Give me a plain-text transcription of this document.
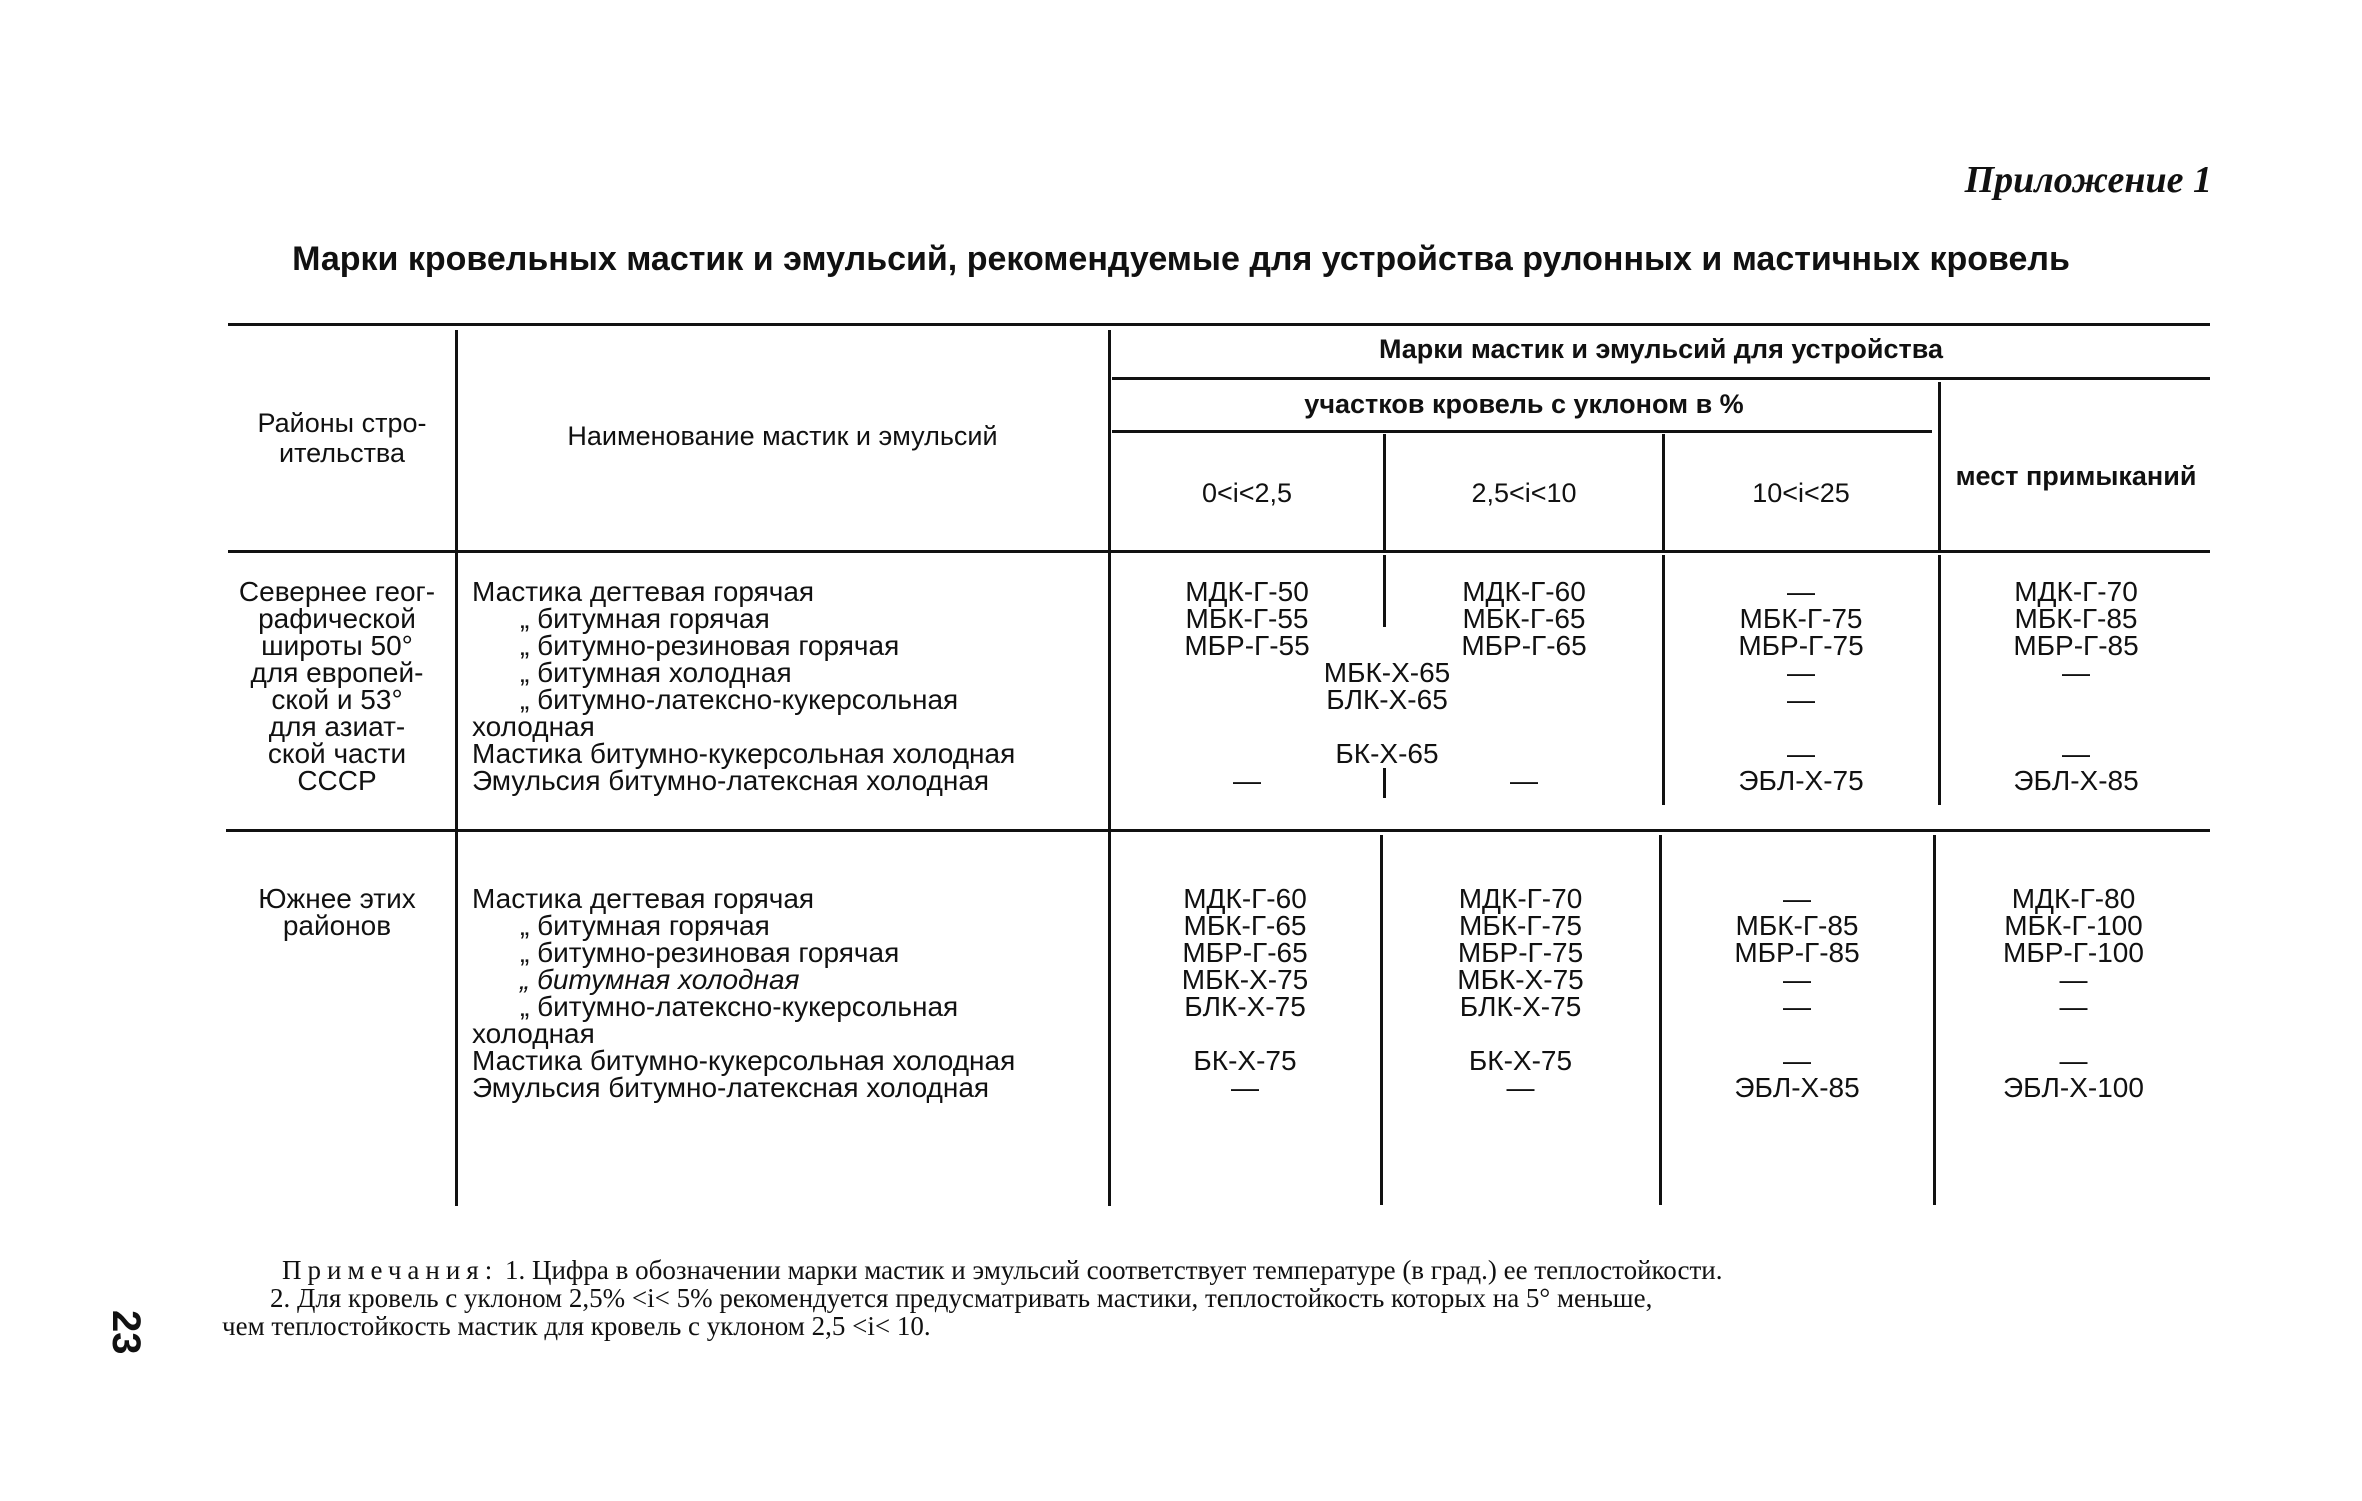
Приложение 1
Марки кровельных мастик и эмульсий, рекомендуемые для устройства рулонных и мастичных кровель
Районы стро-
ительства
Наименование мастик и эмульсий
Марки мастик и эмульсий для устройства
участков кровель с уклоном в %
0<i<2,5	2,5<i<10	10<i<25
мест примыканий
Севернее геог-
рафической
широты 50°
для европей-
ской и 53°
для азиат-
ской части
СССР
Мастика дегтевая горячая
„ битумная горячая
„ битумно-резиновая горячая
„ битумная холодная
„ битумно-латексно-кукерсольная
холодная
Мастика битумно-кукерсольная холодная
Эмульсия битумно-латексная холодная
МДК-Г-50
МБК-Г-55
МБР-Г-55
—
МДК-Г-60
МБК-Г-65
МБР-Г-65
—
МБК-Х-65
БЛК-Х-65
БК-Х-65
—
МБК-Г-75
МБР-Г-75
—
—
—
ЭБЛ-Х-75
МДК-Г-70
МБК-Г-85
МБР-Г-85
—
—
ЭБЛ-Х-85
Южнее этих
районов
Мастика дегтевая горячая
„ битумная горячая
„ битумно-резиновая горячая
„ битумная холодная
„ битумно-латексно-кукерсольная
холодная
Мастика битумно-кукерсольная холодная
Эмульсия битумно-латексная холодная
МДК-Г-60
МБК-Г-65
МБР-Г-65
МБК-Х-75
БЛК-Х-75
БК-Х-75
—
МДК-Г-70
МБК-Г-75
МБР-Г-75
МБК-Х-75
БЛК-Х-75
БК-Х-75
—
—
МБК-Г-85
МБР-Г-85
—
—
—
ЭБЛ-Х-85
МДК-Г-80
МБК-Г-100
МБР-Г-100
—
—
—
ЭБЛ-Х-100
Примечания: 1. Цифра в обозначении марки мастик и эмульсий соответствует температуре (в град.) ее теплостойкости.
2. Для кровель с уклоном 2,5% <i< 5% рекомендуется предусматривать мастики, теплостойкость которых на 5° меньше,
чем теплостойкость мастик для кровель с уклоном 2,5 <i< 10.
23
